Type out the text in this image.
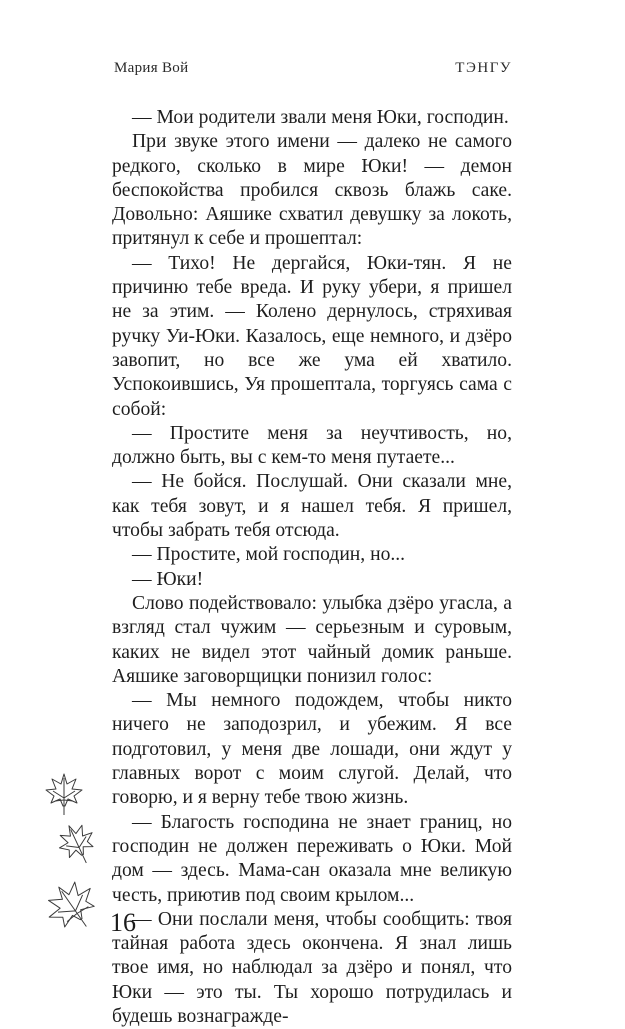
Мария Вой	ТЭНГУ

— Мои родители звали меня Юки, господин.

При звуке этого имени — далеко не самого редкого, сколько в мире Юки! — демон беспокойства пробился сквозь блажь саке. Довольно: Аяшике схватил девушку за локоть, притянул к себе и прошептал:

— Тихо! Не дергайся, Юки-тян. Я не причиню тебе вреда. И руку убери, я пришел не за этим. — Колено дернулось, стряхивая ручку Уи-Юки. Казалось, еще немного, и дзёро завопит, но все же ума ей хватило. Успокоившись, Уя прошептала, торгуясь сама с собой:

— Простите меня за неучтивость, но, должно быть, вы с кем-то меня путаете...

— Не бойся. Послушай. Они сказали мне, как тебя зовут, и я нашел тебя. Я пришел, чтобы забрать тебя отсюда.

— Простите, мой господин, но...

— Юки!

Слово подействовало: улыбка дзёро угасла, а взгляд стал чужим — серьезным и суровым, каких не видел этот чайный домик раньше. Аяшике заговорщицки понизил голос:

— Мы немного подождем, чтобы никто ничего не заподозрил, и убежим. Я все подготовил, у меня две лошади, они ждут у главных ворот с моим слугой. Делай, что говорю, и я верну тебе твою жизнь.

— Благость господина не знает границ, но господин не должен переживать о Юки. Мой дом — здесь. Мама-сан оказала мне великую честь, приютив под своим крылом...

— Они послали меня, чтобы сообщить: твоя тайная работа здесь окончена. Я знал лишь твое имя, но наблюдал за дзёро и понял, что Юки — это ты. Ты хорошо потрудилась и будешь вознагражде-

16
